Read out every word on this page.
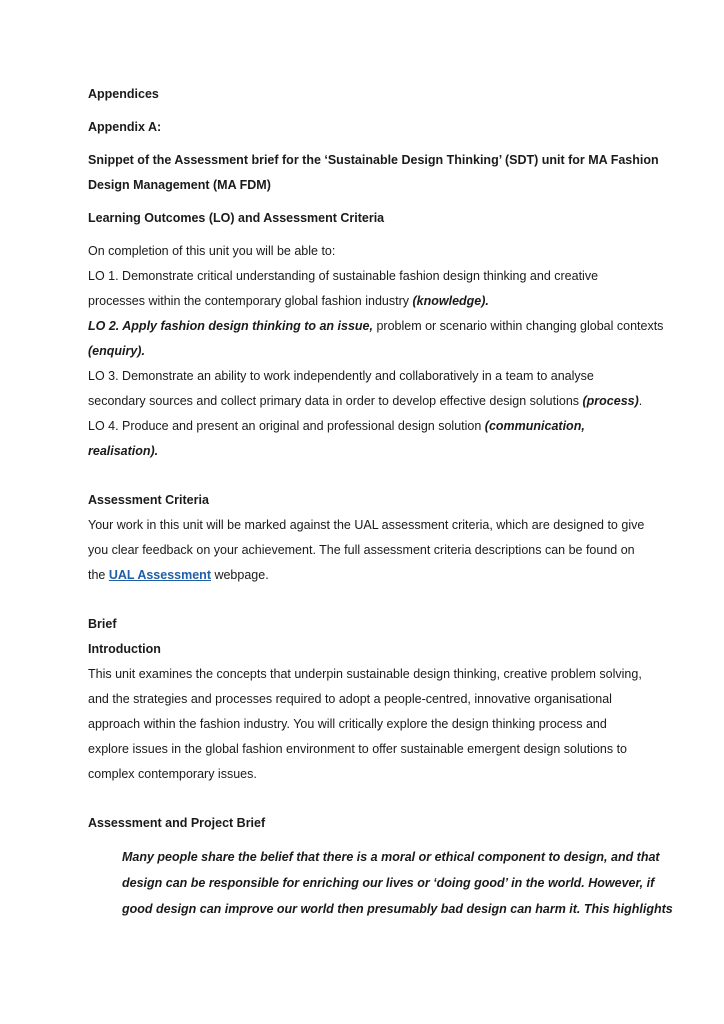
Appendices
Appendix A:
Snippet of the Assessment brief for the ‘Sustainable Design Thinking’ (SDT) unit for MA Fashion
Design Management (MA FDM)
Learning Outcomes (LO) and Assessment Criteria
On completion of this unit you will be able to:
LO 1. Demonstrate critical understanding of sustainable fashion design thinking and creative
processes within the contemporary global fashion industry (knowledge).
LO 2. Apply fashion design thinking to an issue, problem or scenario within changing global contexts
(enquiry).
LO 3. Demonstrate an ability to work independently and collaboratively in a team to analyse
secondary sources and collect primary data in order to develop effective design solutions (process).
LO 4. Produce and present an original and professional design solution (communication,
realisation).
Assessment Criteria
Your work in this unit will be marked against the UAL assessment criteria, which are designed to give
you clear feedback on your achievement. The full assessment criteria descriptions can be found on
the UAL Assessment webpage.
Brief
Introduction
This unit examines the concepts that underpin sustainable design thinking, creative problem solving,
and the strategies and processes required to adopt a people-centred, innovative organisational
approach within the fashion industry. You will critically explore the design thinking process and
explore issues in the global fashion environment to offer sustainable emergent design solutions to
complex contemporary issues.
Assessment and Project Brief
Many people share the belief that there is a moral or ethical component to design, and that
design can be responsible for enriching our lives or ‘doing good’ in the world. However, if
good design can improve our world then presumably bad design can harm it. This highlights
